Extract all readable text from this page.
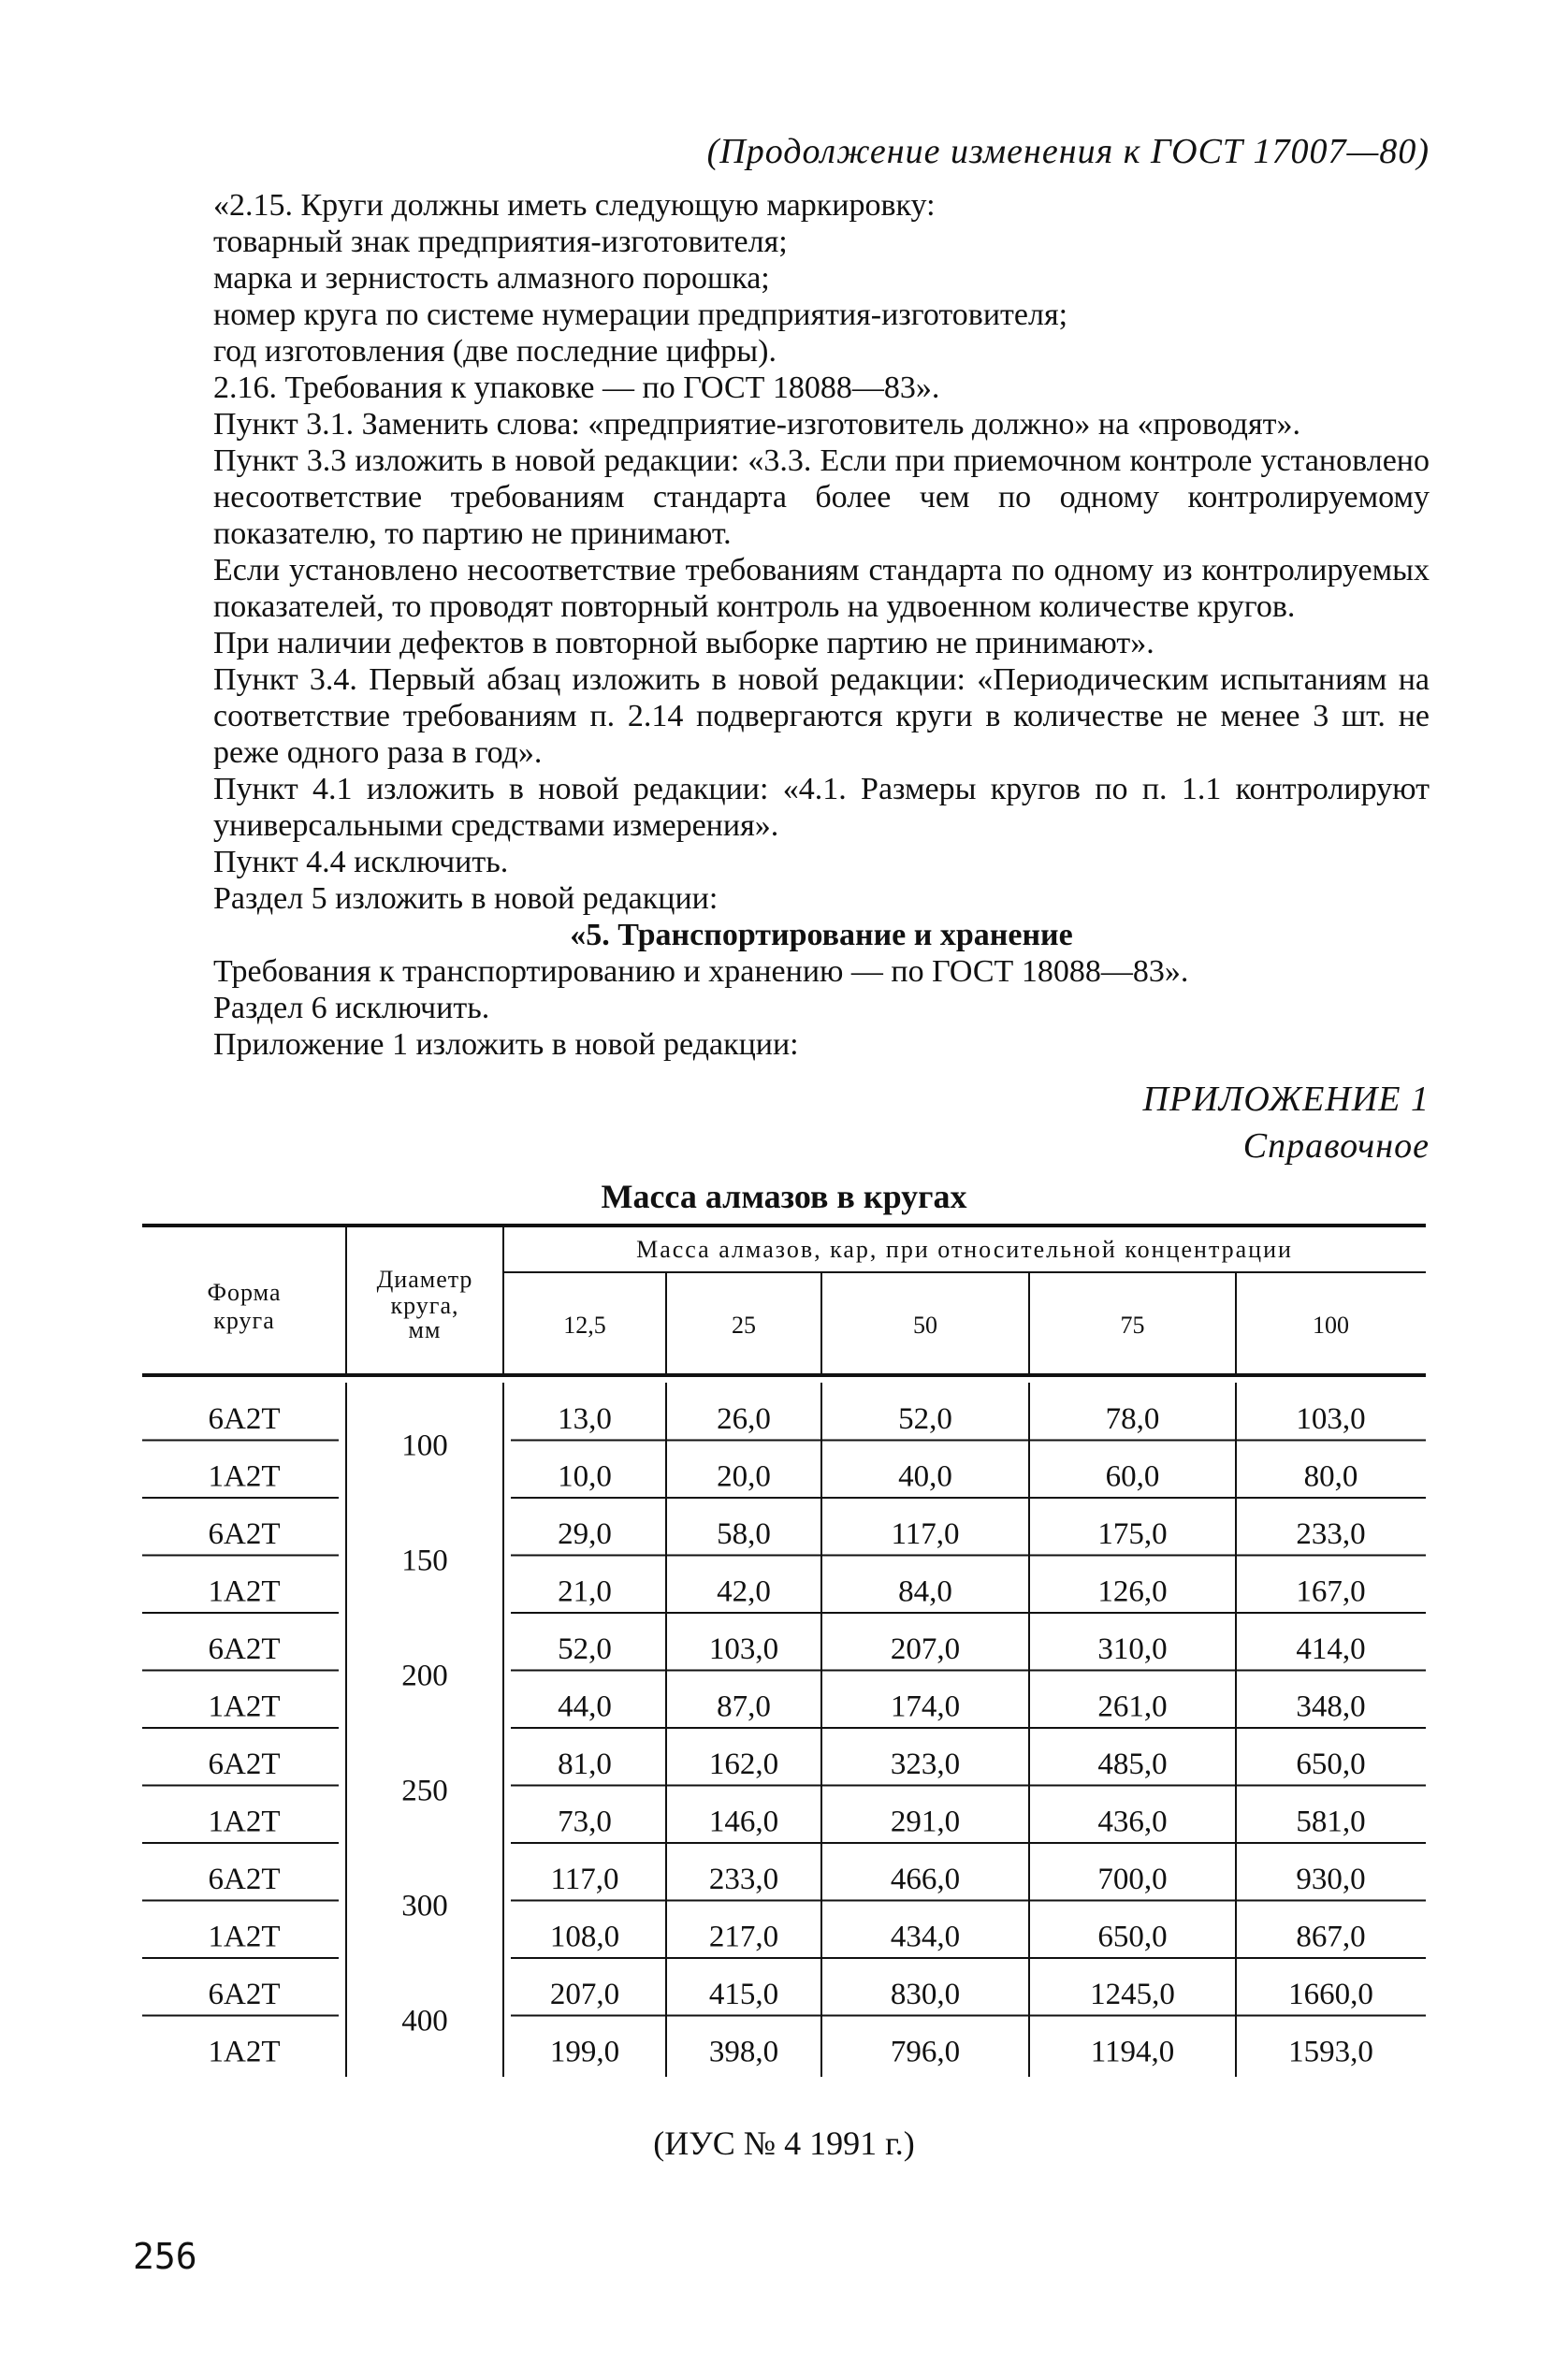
(Продолжение изменения к ГОСТ 17007—80)

«2.15. Круги должны иметь следующую маркировку:

товарный знак предприятия-изготовителя;

марка и зернистость алмазного порошка;

номер круга по системе нумерации предприятия-изготовителя;

год изготовления (две последние цифры).

2.16. Требования к упаковке — по ГОСТ 18088—83».

Пункт 3.1. Заменить слова: «предприятие-изготовитель должно» на «проводят».

Пункт 3.3 изложить в новой редакции: «3.3. Если при приемочном контроле установлено несоответствие требованиям стандарта более чем по одному контролируемому показателю, то партию не принимают.

Если установлено несоответствие требованиям стандарта по одному из контролируемых показателей, то проводят повторный контроль на удвоенном количестве кругов.

При наличии дефектов в повторной выборке партию не принимают».

Пункт 3.4. Первый абзац изложить в новой редакции: «Периодическим испытаниям на соответствие требованиям п. 2.14 подвергаются круги в количестве не менее 3 шт. не реже одного раза в год».

Пункт 4.1 изложить в новой редакции: «4.1. Размеры кругов по п. 1.1 контролируют универсальными средствами измерения».

Пункт 4.4 исключить.

Раздел 5 изложить в новой редакции:

«5. Транспортирование и хранение

Требования к транспортированию и хранению — по ГОСТ 18088—83».

Раздел 6 исключить.

Приложение 1 изложить в новой редакции:

ПРИЛОЖЕНИЕ 1
Справочное
Масса алмазов в кругах
Форма
круга
Диаметр
круга,
мм
Масса алмазов, кар, при относительной концентрации
12,5	25	50	75	100
6A2T	13,0	26,0	52,0	78,0	103,0
1A2T	10,0	20,0	40,0	60,0	80,0
100
6A2T	29,0	58,0	117,0	175,0	233,0
1A2T	21,0	42,0	84,0	126,0	167,0
150
6A2T	52,0	103,0	207,0	310,0	414,0
1A2T	44,0	87,0	174,0	261,0	348,0
200
6A2T	81,0	162,0	323,0	485,0	650,0
1A2T	73,0	146,0	291,0	436,0	581,0
250
6A2T	117,0	233,0	466,0	700,0	930,0
1A2T	108,0	217,0	434,0	650,0	867,0
300
6A2T	207,0	415,0	830,0	1245,0	1660,0
1A2T	199,0	398,0	796,0	1194,0	1593,0
400
(ИУС № 4 1991 г.)
256
